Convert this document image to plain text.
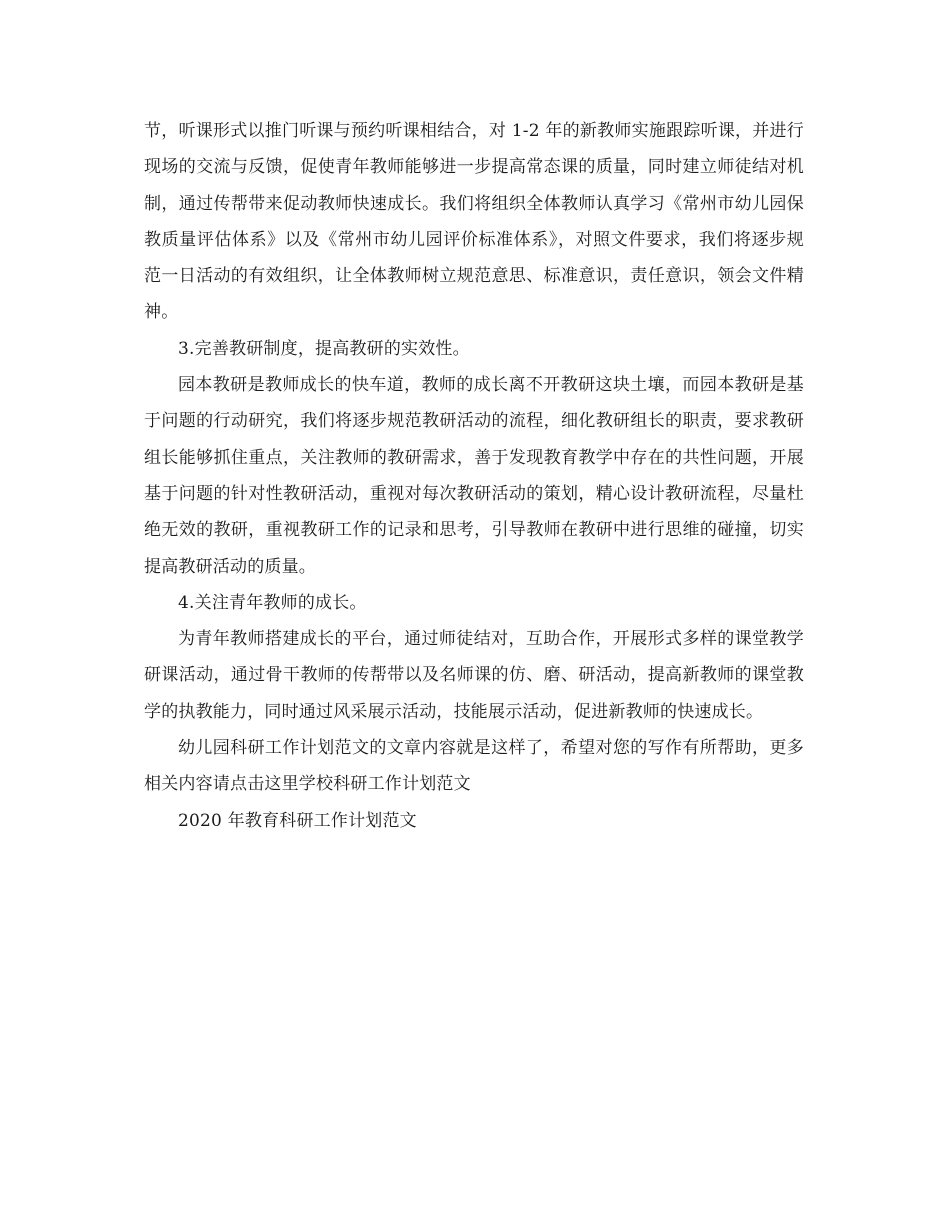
节，听课形式以推门听课与预约听课相结合，对 1-2 年的新教师实施跟踪听课，并进行现场的交流与反馈，促使青年教师能够进一步提高常态课的质量，同时建立师徒结对机制，通过传帮带来促动教师快速成长。我们将组织全体教师认真学习《常州市幼儿园保教质量评估体系》以及《常州市幼儿园评价标准体系》，对照文件要求，我们将逐步规范一日活动的有效组织，让全体教师树立规范意思、标准意识，责任意识，领会文件精神。

3.完善教研制度，提高教研的实效性。

园本教研是教师成长的快车道，教师的成长离不开教研这块土壤，而园本教研是基于问题的行动研究，我们将逐步规范教研活动的流程，细化教研组长的职责，要求教研组长能够抓住重点，关注教师的教研需求，善于发现教育教学中存在的共性问题，开展基于问题的针对性教研活动，重视对每次教研活动的策划，精心设计教研流程，尽量杜绝无效的教研，重视教研工作的记录和思考，引导教师在教研中进行思维的碰撞，切实提高教研活动的质量。

4.关注青年教师的成长。

为青年教师搭建成长的平台，通过师徒结对，互助合作，开展形式多样的课堂教学研课活动，通过骨干教师的传帮带以及名师课的仿、磨、研活动，提高新教师的课堂教学的执教能力，同时通过风采展示活动，技能展示活动，促进新教师的快速成长。

幼儿园科研工作计划范文的文章内容就是这样了，希望对您的写作有所帮助，更多相关内容请点击这里学校科研工作计划范文

2020 年教育科研工作计划范文
